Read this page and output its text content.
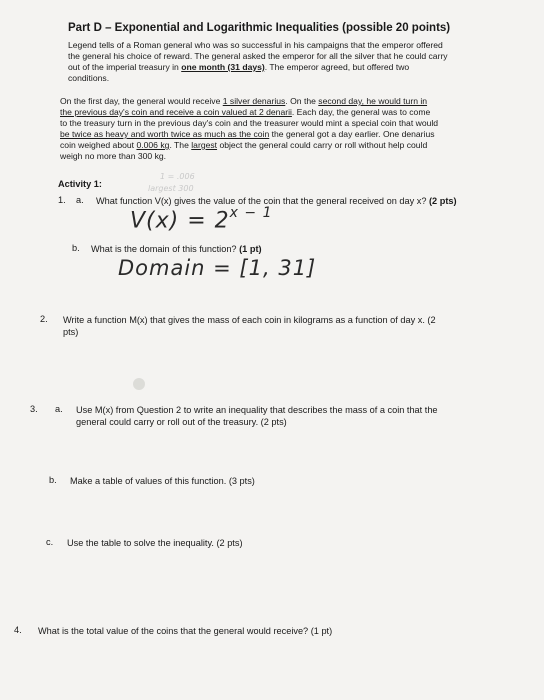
Part D – Exponential and Logarithmic Inequalities (possible 20 points)

Legend tells of a Roman general who was so successful in his campaigns that the emperor offered

the general his choice of reward. The general asked the emperor for all the silver that he could carry

out of the imperial treasury in one month (31 days). The emperor agreed, but offered two

conditions.

On the first day, the general would receive 1 silver denarius. On the second day, he would turn in

the previous day's coin and receive a coin valued at 2 denarii. Each day, the general was to come

to the treasury turn in the previous day's coin and the treasurer would mint a special coin that would

be twice as heavy and worth twice as much as the coin the general got a day earlier. One denarius

coin weighed about 0.006 kg. The largest object the general could carry or roll without help could

weigh no more than 300 kg.

Activity 1:
1 = .006
largest 300
1. a. What function V(x) gives the value of the coin that the general received on day x? (2 pts)
$V(x) = 2^{x - 1}$
b. What is the domain of this function? (1 pt)
Domain = [1, 31]
2. Write a function M(x) that gives the mass of each coin in kilograms as a function of day x. (2
pts)
3. a. Use M(x) from Question 2 to write an inequality that describes the mass of a coin that the
general could carry or roll out of the treasury. (2 pts)
b. Make a table of values of this function. (3 pts)
c. Use the table to solve the inequality. (2 pts)
4. What is the total value of the coins that the general would receive? (1 pt)
